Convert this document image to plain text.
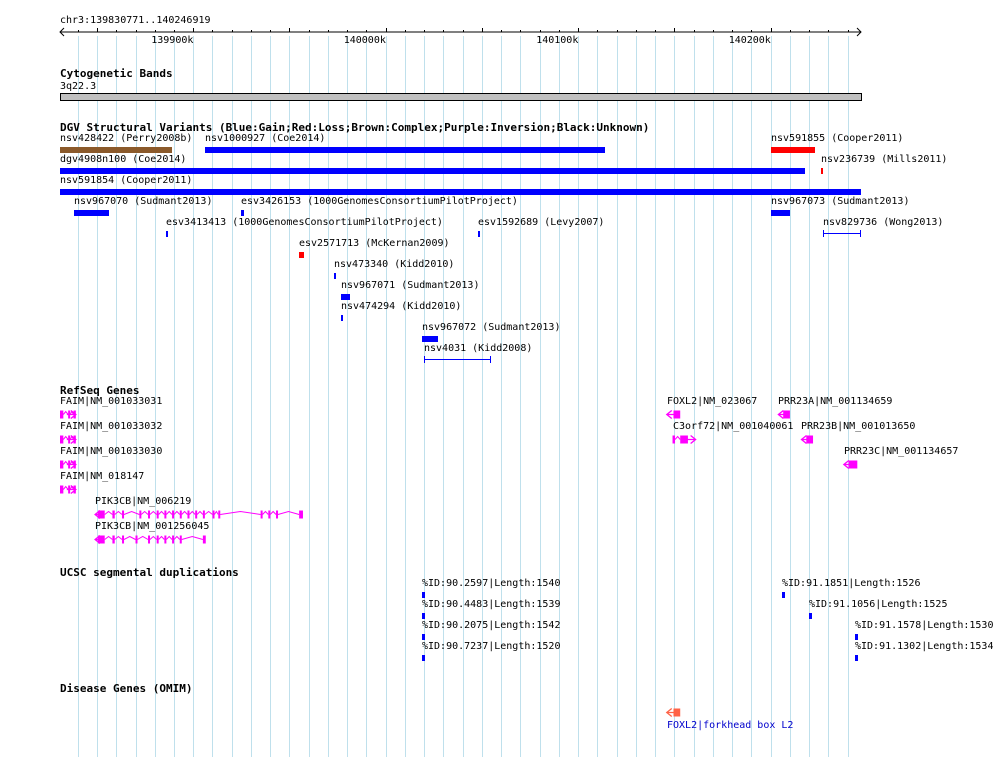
chr3:139830771..140246919
139900k	140000k	140100k	140200k
Cytogenetic Bands
3q22.3
DGV Structural Variants (Blue:Gain;Red:Loss;Brown:Complex;Purple:Inversion;Black:Unknown)
nsv428422 (Perry2008b) nsv1000927 (Coe2014)	nsv591855 (Cooper2011)
dgv4908n100 (Coe2014)	nsv236739 (Mills2011)
nsv591854 (Cooper2011)
nsv967070 (Sudmant2013)	esv3426153 (1000GenomesConsortiumPilotProject)	nsv967073 (Sudmant2013)
esv3413413 (1000GenomesConsortiumPilotProject)	esv1592689 (Levy2007)	nsv829736 (Wong2013)
esv2571713 (McKernan2009)
nsv473340 (Kidd2010)
nsv967071 (Sudmant2013)
nsv474294 (Kidd2010)
nsv967072 (Sudmant2013)
nsv4031 (Kidd2008)
RefSeq Genes
FAIM|NM_001033031
FAIM|NM_001033032
FAIM|NM_001033030
FAIM|NM_018147
PIK3CB|NM_006219
PIK3CB|NM_001256045
FOXL2|NM_023067 PRR23A|NM_001134659
C3orf72|NM_001040061 PRR23B|NM_001013650
PRR23C|NM_001134657
UCSC segmental duplications
%ID:90.2597|Length:1540
%ID:90.4483|Length:1539
%ID:90.2075|Length:1542
%ID:90.7237|Length:1520
%ID:91.1851|Length:1526
%ID:91.1056|Length:1525
%ID:91.1578|Length:1530
%ID:91.1302|Length:1534
Disease Genes (OMIM)
FOXL2|forkhead box L2
